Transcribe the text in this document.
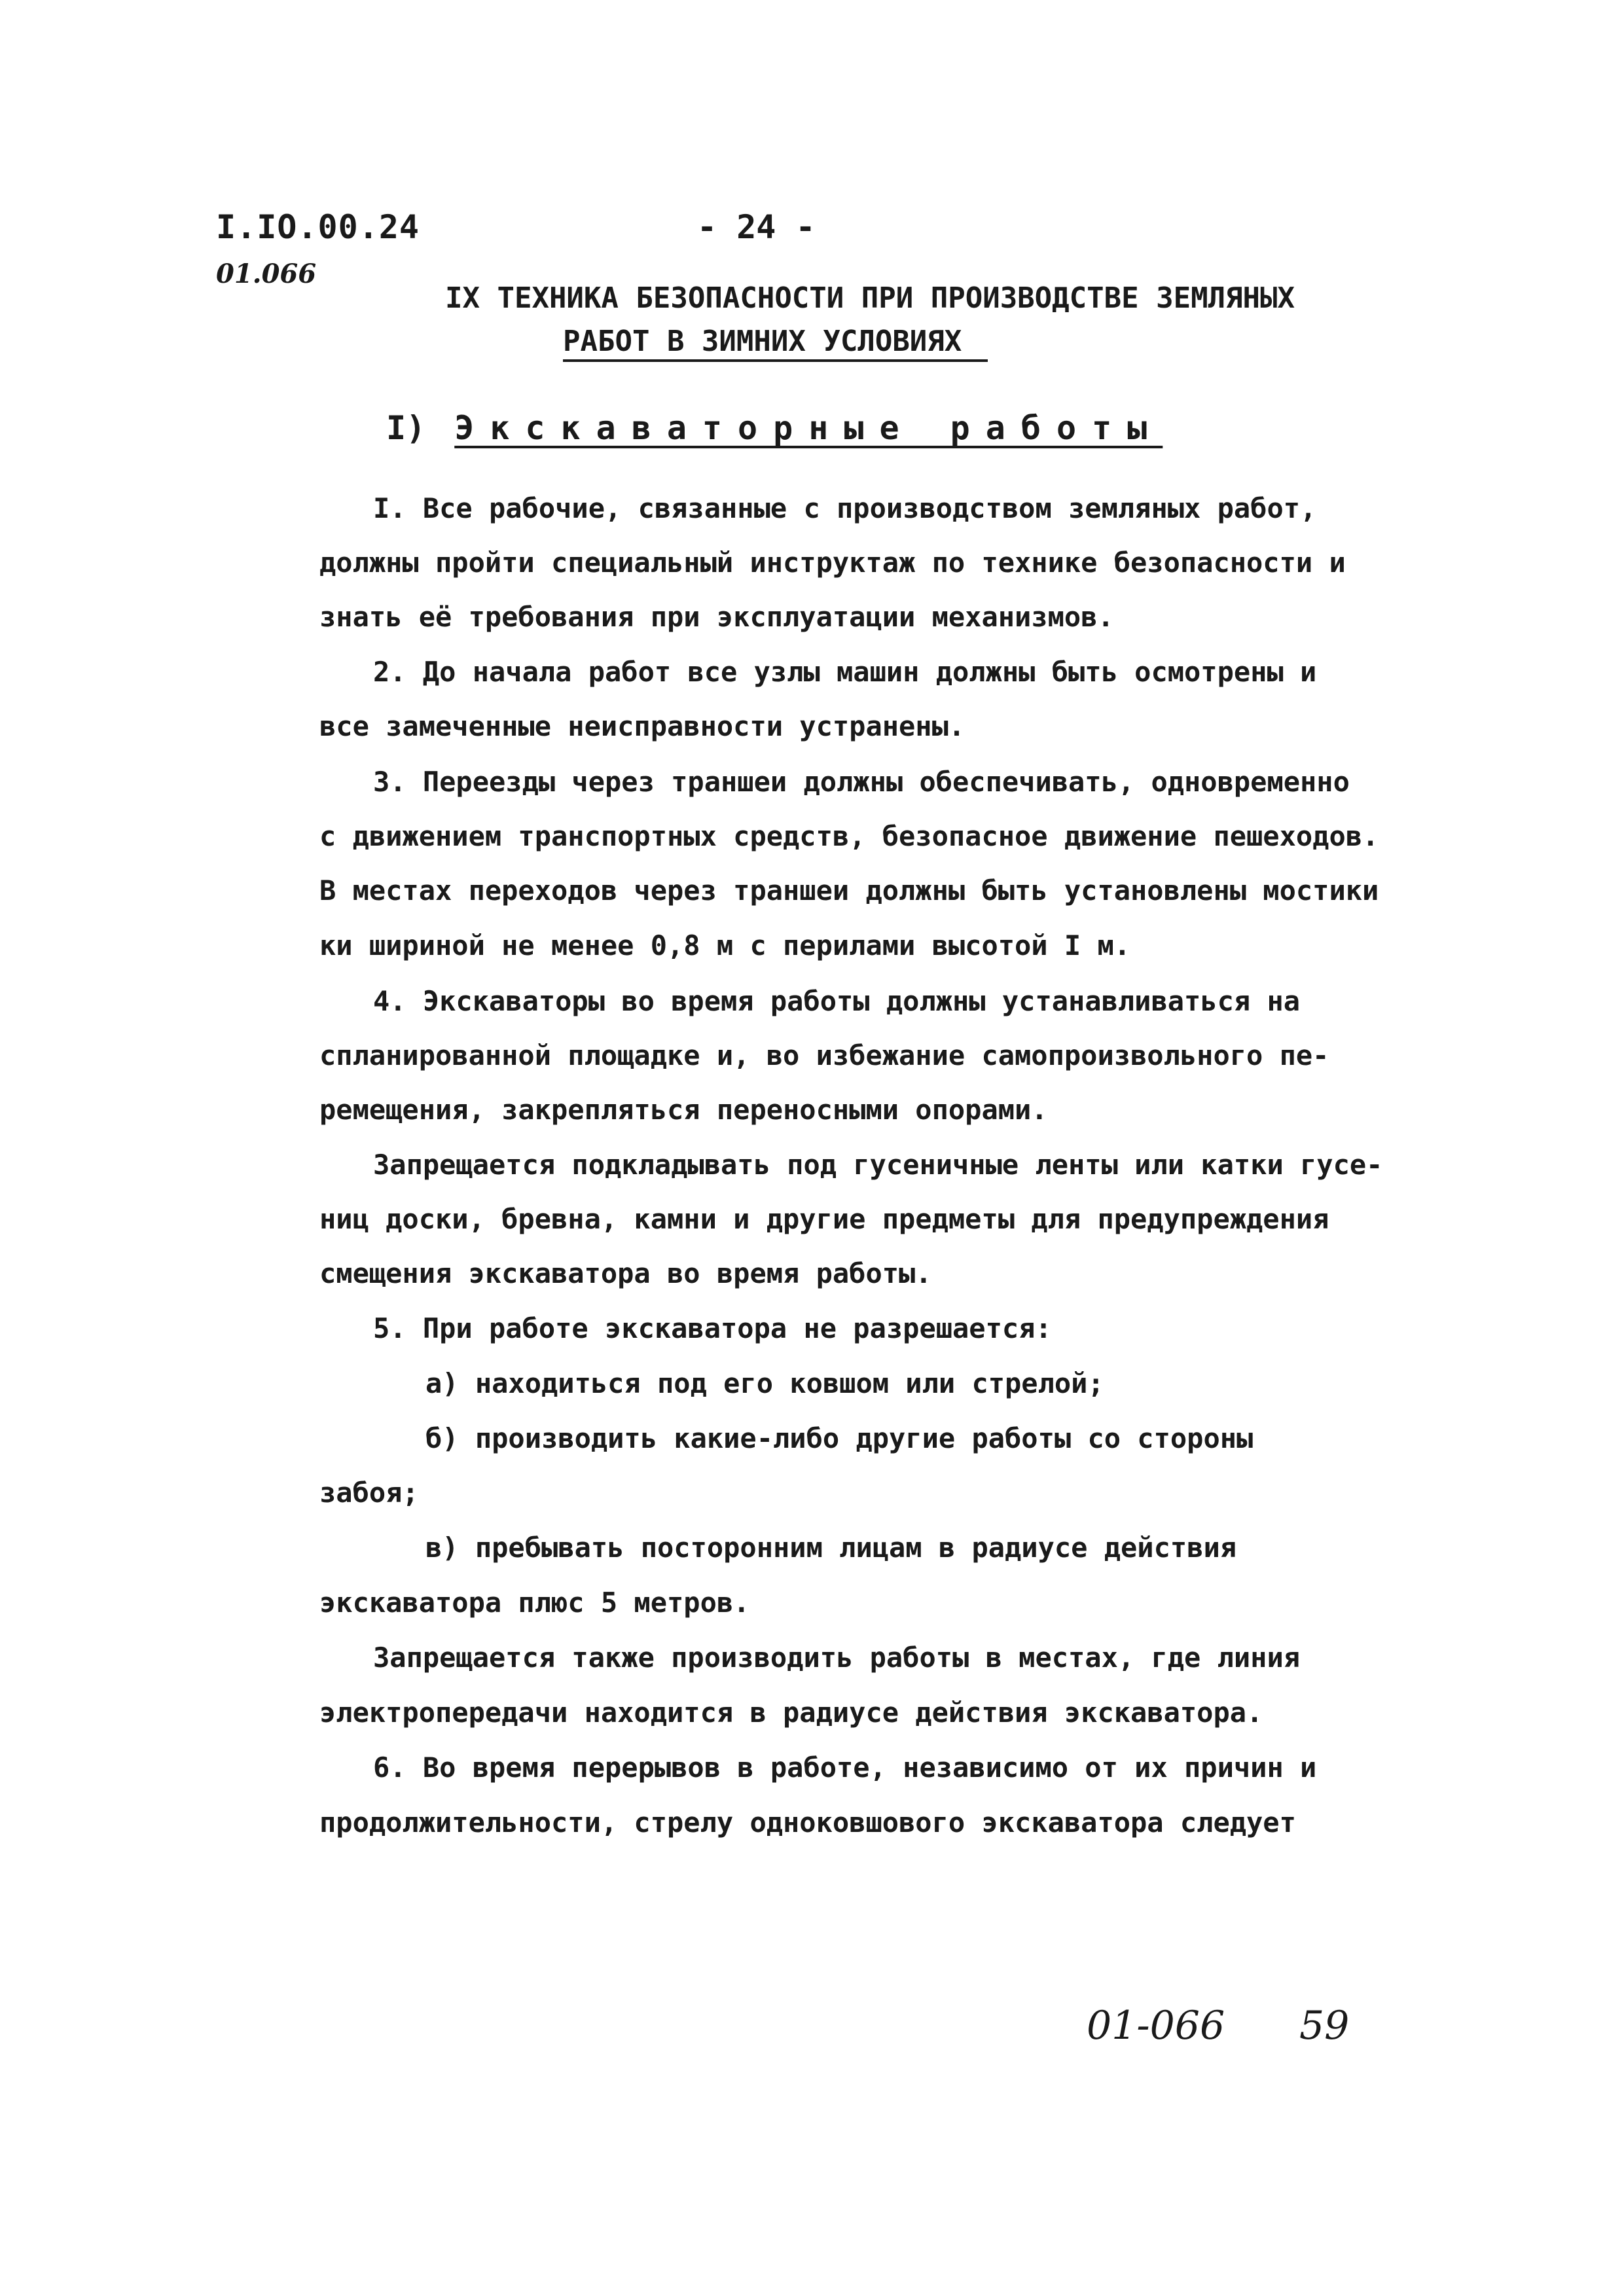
I.IO.00.24
01.066
- 24 -
IX ТЕХНИКА БЕЗОПАСНОСТИ ПРИ ПРОИЗВОДСТВЕ ЗЕМЛЯНЫХ
РАБОТ В ЗИМНИХ УСЛОВИЯХ
I) Экскаваторные работы
I. Все рабочие, связанные с производством земляных работ,
должны пройти специальный инструктаж по технике безопасности и
знать её требования при эксплуатации механизмов.
2. До начала работ все узлы машин должны быть осмотрены и
все замеченные неисправности устранены.
3. Переезды через траншеи должны обеспечивать, одновременно
с движением транспортных средств, безопасное движение пешеходов.
В местах переходов через траншеи должны быть установлены мостики
ки шириной не менее 0,8 м с перилами высотой I м.
4. Экскаваторы во время работы должны устанавливаться на
спланированной площадке и, во избежание самопроизвольного пе-
ремещения, закрепляться переносными опорами.
Запрещается подкладывать под гусеничные ленты или катки гусе-
ниц доски, бревна, камни и другие предметы для предупреждения
смещения экскаватора во время работы.
5. При работе экскаватора не разрешается:
а) находиться под его ковшом или стрелой;
б) производить какие-либо другие работы со стороны
забоя;
в) пребывать посторонним лицам в радиусе действия
экскаватора плюс 5 метров.
Запрещается также производить работы в местах, где линия
электропередачи находится в радиусе действия экскаватора.
6. Во время перерывов в работе, независимо от их причин и
продолжительности, стрелу одноковшового экскаватора следует
01-066 59
